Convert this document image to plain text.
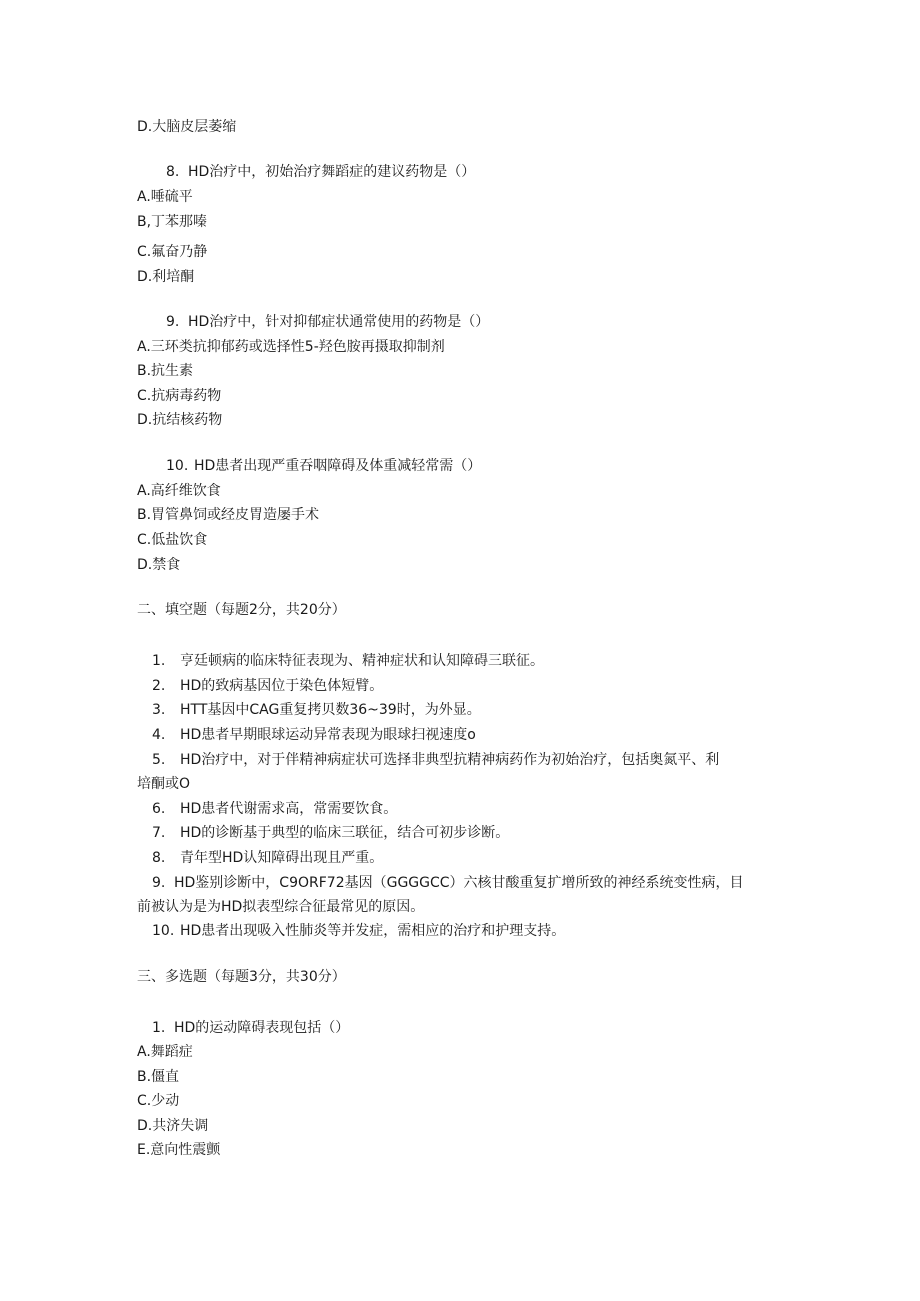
D.大脑皮层萎缩
8. HD治疗中，初始治疗舞蹈症的建议药物是（）
A.唾硫平
B,丁苯那嗪
C.氟奋乃静
D.利培酮
9. HD治疗中，针对抑郁症状通常使用的药物是（）
A.三环类抗抑郁药或选择性5-羟色胺再摄取抑制剂
B.抗生素
C.抗病毒药物
D.抗结核药物
10. HD患者出现严重吞咽障碍及体重减轻常需（）
A.高纤维饮食
B.胃管鼻饲或经皮胃造屡手术
C.低盐饮食
D.禁食
二、填空题（每题2分，共20分）
1. 亨廷顿病的临床特征表现为、精神症状和认知障碍三联征。
2. HD的致病基因位于染色体短臂。
3. HTT基因中CAG重复拷贝数36~39时，为外显。
4. HD患者早期眼球运动异常表现为眼球扫视速度o
5. HD治疗中，对于伴精神病症状可选择非典型抗精神病药作为初始治疗，包括奥氮平、利
培酮或O
6. HD患者代谢需求高，常需要饮食。
7. HD的诊断基于典型的临床三联征，结合可初步诊断。
8. 青年型HD认知障碍出现且严重。
9. HD鉴别诊断中，C9ORF72基因（GGGGCC）六核甘酸重复扩增所致的神经系统变性病，目
前被认为是为HD拟表型综合征最常见的原因。
10. HD患者出现吸入性肺炎等并发症，需相应的治疗和护理支持。
三、多选题（每题3分，共30分）
1. HD的运动障碍表现包括（）
A.舞蹈症
B.僵直
C.少动
D.共济失调
E.意向性震颤
